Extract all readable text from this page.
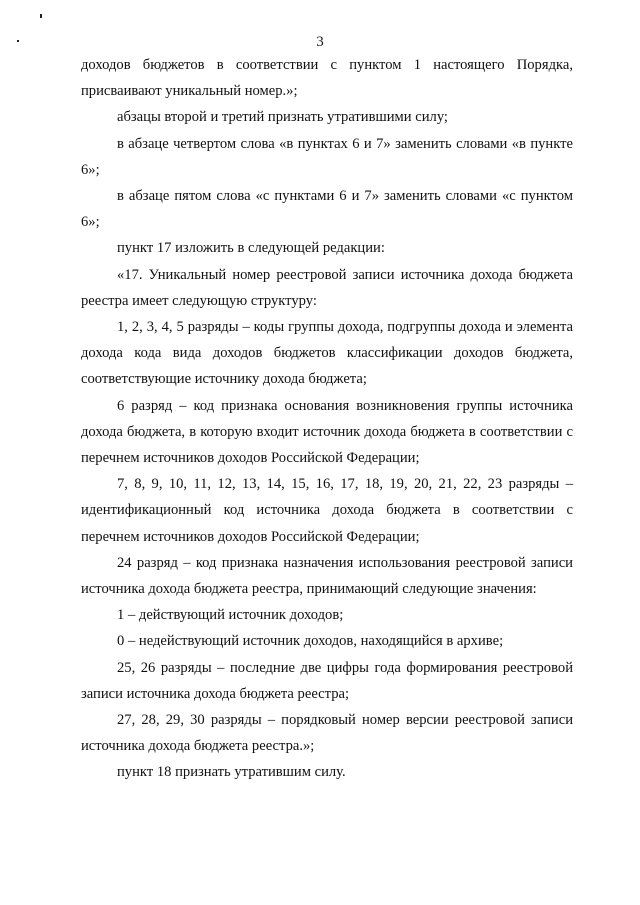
3

доходов бюджетов в соответствии с пунктом 1 настоящего Порядка, присваивают уникальный номер.»;

абзацы второй и третий признать утратившими силу;

в абзаце четвертом слова «в пунктах 6 и 7» заменить словами «в пункте 6»;

в абзаце пятом слова «с пунктами 6 и 7» заменить словами «с пунктом 6»;

пункт 17 изложить в следующей редакции:

«17. Уникальный номер реестровой записи источника дохода бюджета реестра имеет следующую структуру:

1, 2, 3, 4, 5 разряды – коды группы дохода, подгруппы дохода и элемента дохода кода вида доходов бюджетов классификации доходов бюджета, соответствующие источнику дохода бюджета;

6 разряд – код признака основания возникновения группы источника дохода бюджета, в которую входит источник дохода бюджета в соответствии с перечнем источников доходов Российской Федерации;

7, 8, 9, 10, 11, 12, 13, 14, 15, 16, 17, 18, 19, 20, 21, 22, 23 разряды – идентификационный код источника дохода бюджета в соответствии с перечнем источников доходов Российской Федерации;

24 разряд – код признака назначения использования реестровой записи источника дохода бюджета реестра, принимающий следующие значения:

1 – действующий источник доходов;

0 – недействующий источник доходов, находящийся в архиве;

25, 26 разряды – последние две цифры года формирования реестровой записи источника дохода бюджета реестра;

27, 28, 29, 30 разряды – порядковый номер версии реестровой записи источника дохода бюджета реестра.»;

пункт 18 признать утратившим силу.
